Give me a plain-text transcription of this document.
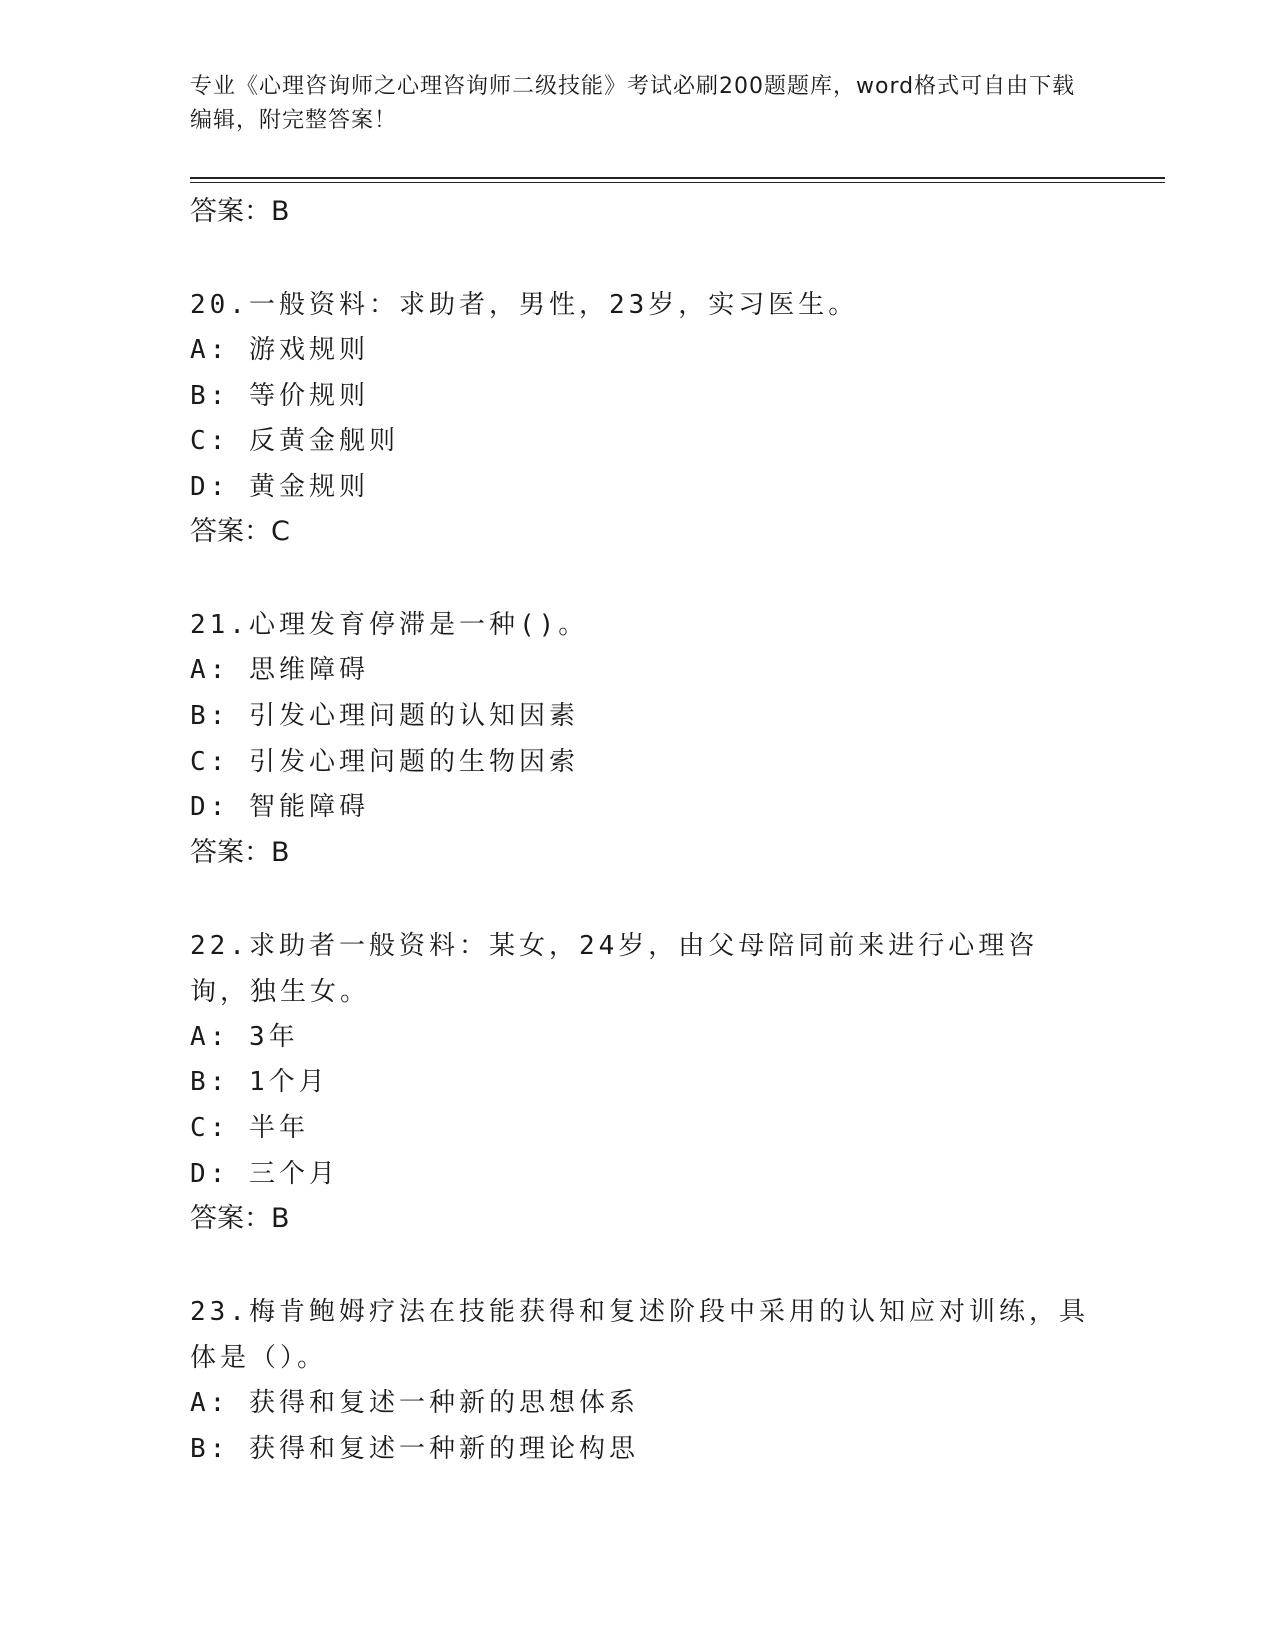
专业《心理咨询师之心理咨询师二级技能》考试必刷200题题库，word格式可自由下载编辑，附完整答案！
答案：B
20.一般资料：求助者，男性，23岁，实习医生。
A: 游戏规则
B: 等价规则
C: 反黄金舰则
D: 黄金规则
答案：C
21.心理发育停滞是一种()。
A: 思维障碍
B: 引发心理问题的认知因素
C: 引发心理问题的生物因索
D: 智能障碍
答案：B
22.求助者一般资料：某女，24岁，由父母陪同前来进行心理咨询，独生女。
A: 3年
B: 1个月
C: 半年
D: 三个月
答案：B
23.梅肯鲍姆疗法在技能获得和复述阶段中采用的认知应对训练，具体是（）。
A: 获得和复述一种新的思想体系
B: 获得和复述一种新的理论构思
